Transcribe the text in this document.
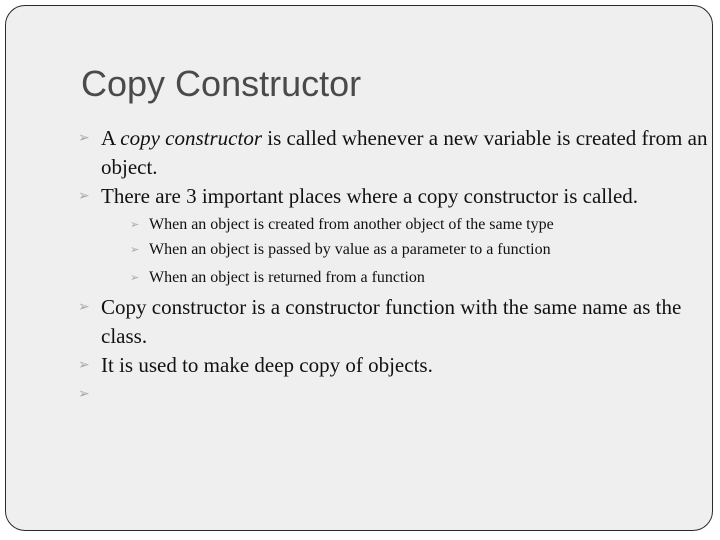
Copy Constructor
➢ A copy constructor is called whenever a new variable is created from an object.
➢ There are 3 important places where a copy constructor is called.
➢ When an object is created from another object of the same type
➢ When an object is passed by value as a parameter to a function
➢ When an object is returned from a function
➢ Copy constructor is a constructor function with the same name as the class.
➢ It is used to make deep copy of objects.
➢
